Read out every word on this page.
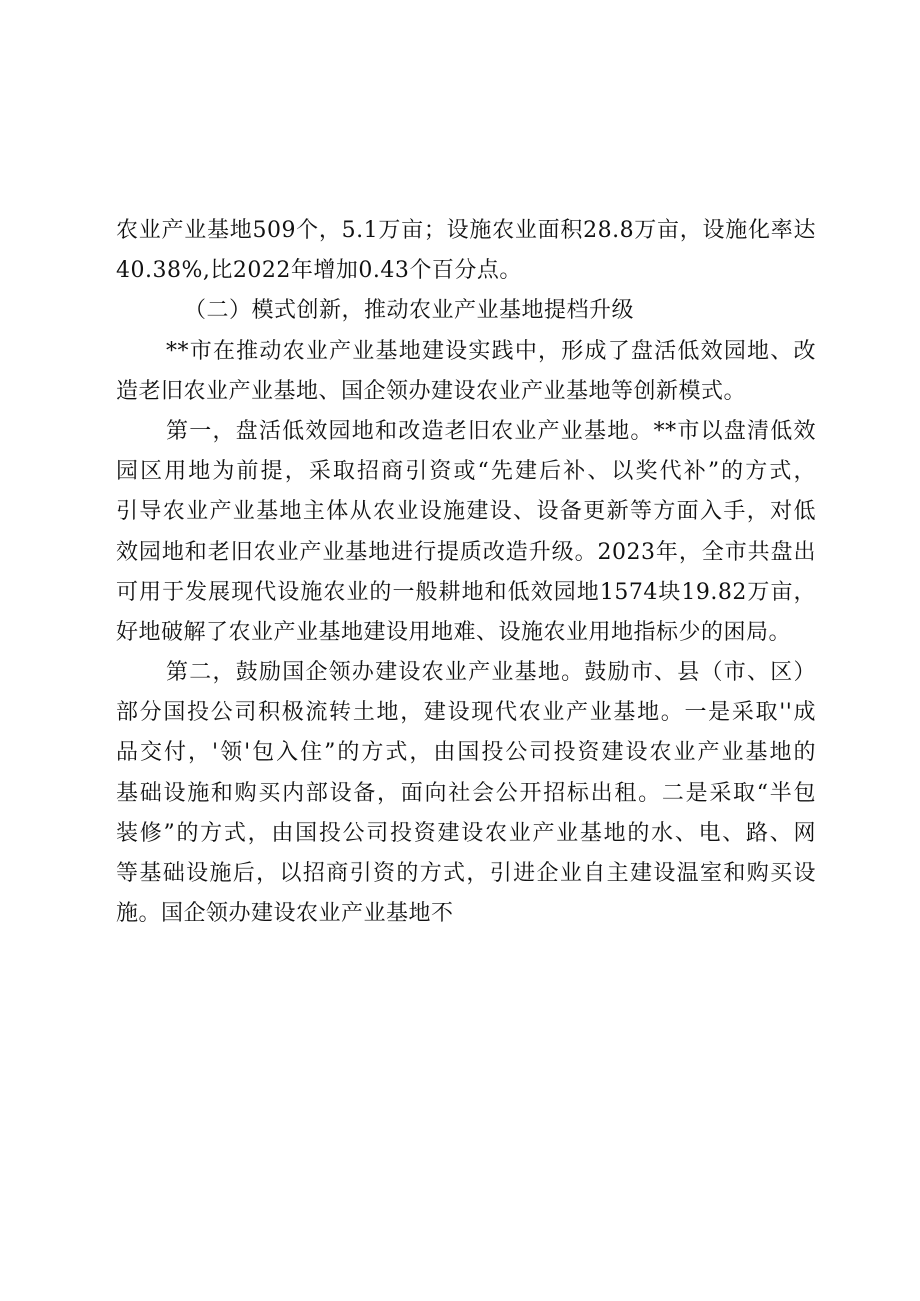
农业产业基地509个，5.1万亩；设施农业面积28.8万亩，设施化率达
40.38%,比2022年增加0.43个百分点。
（二）模式创新，推动农业产业基地提档升级
**市在推动农业产业基地建设实践中，形成了盘活低效园地、改
造老旧农业产业基地、国企领办建设农业产业基地等创新模式。
第一，盘活低效园地和改造老旧农业产业基地。**市以盘清低效
园区用地为前提，采取招商引资或“先建后补、以奖代补”的方式，
引导农业产业基地主体从农业设施建设、设备更新等方面入手，对低
效园地和老旧农业产业基地进行提质改造升级。2023年，全市共盘出
可用于发展现代设施农业的一般耕地和低效园地1574块19.82万亩，
好地破解了农业产业基地建设用地难、设施农业用地指标少的困局。
第二，鼓励国企领办建设农业产业基地。鼓励市、县（市、区）
部分国投公司积极流转土地，建设现代农业产业基地。一是采取''成
品交付，'领'包入住”的方式，由国投公司投资建设农业产业基地的
基础设施和购买内部设备，面向社会公开招标出租。二是采取“半包
装修”的方式，由国投公司投资建设农业产业基地的水、电、路、网
等基础设施后，以招商引资的方式，引进企业自主建设温室和购买设
施。国企领办建设农业产业基地不
